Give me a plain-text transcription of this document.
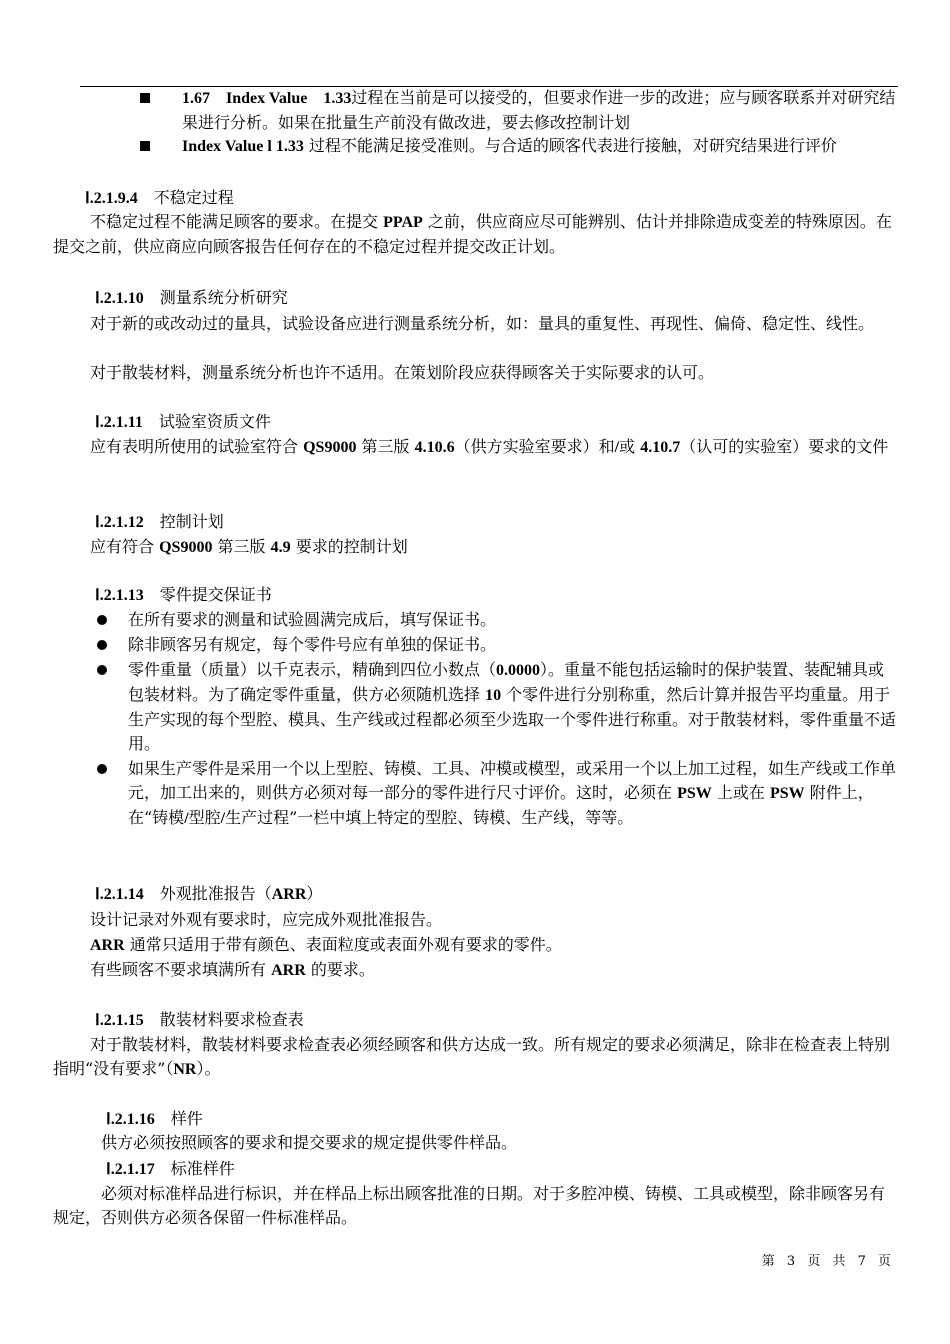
1.67　Index Value　1.33过程在当前是可以接受的，但要求作进一步的改进；应与顾客联系并对研究结果进行分析。如果在批量生产前没有做改进，要去修改控制计划
Index Value l 1.33 过程不能满足接受准则。与合适的顾客代表进行接触，对研究结果进行评价
Ⅰ.2.1.9.4　 不稳定过程
不稳定过程不能满足顾客的要求。在提交 PPAP 之前，供应商应尽可能辨别、估计并排除造成变差的特殊原因。在提交之前，供应商应向顾客报告任何存在的不稳定过程并提交改正计划。
Ⅰ.2.1.10　 测量系统分析研究
对于新的或改动过的量具，试验设备应进行测量系统分析，如：量具的重复性、再现性、偏倚、稳定性、线性。
对于散装材料，测量系统分析也许不适用。在策划阶段应获得顾客关于实际要求的认可。
Ⅰ.2.1.11　 试验室资质文件
应有表明所使用的试验室符合 QS9000 第三版 4.10.6（供方实验室要求）和/或 4.10.7（认可的实验室）要求的文件
Ⅰ.2.1.12　 控制计划
应有符合 QS9000 第三版 4.9 要求的控制计划
Ⅰ.2.1.13　 零件提交保证书
在所有要求的测量和试验圆满完成后，填写保证书。
除非顾客另有规定，每个零件号应有单独的保证书。
零件重量（质量）以千克表示，精确到四位小数点（0.0000）。重量不能包括运输时的保护装置、装配辅具或包装材料。为了确定零件重量，供方必须随机选择 10 个零件进行分别称重，然后计算并报告平均重量。用于生产实现的每个型腔、模具、生产线或过程都必须至少选取一个零件进行称重。对于散装材料，零件重量不适用。
如果生产零件是采用一个以上型腔、铸模、工具、冲模或模型，或采用一个以上加工过程，如生产线或工作单元，加工出来的，则供方必须对每一部分的零件进行尺寸评价。这时，必须在 PSW 上或在 PSW 附件上，在“铸模/型腔/生产过程”一栏中填上特定的型腔、铸模、生产线，等等。
Ⅰ.2.1.14　 外观批准报告（ARR）
设计记录对外观有要求时，应完成外观批准报告。
ARR 通常只适用于带有颜色、表面粒度或表面外观有要求的零件。
有些顾客不要求填满所有 ARR 的要求。
Ⅰ.2.1.15　 散装材料要求检查表
对于散装材料，散装材料要求检查表必须经顾客和供方达成一致。所有规定的要求必须满足，除非在检查表上特别指明“没有要求”（NR）。
Ⅰ.2.1.16　 样件
供方必须按照顾客的要求和提交要求的规定提供零件样品。
Ⅰ.2.1.17　 标准样件
必须对标准样品进行标识，并在样品上标出顾客批准的日期。对于多腔冲模、铸模、工具或模型，除非顾客另有规定，否则供方必须各保留一件标准样品。
第 3 页 共 7 页
